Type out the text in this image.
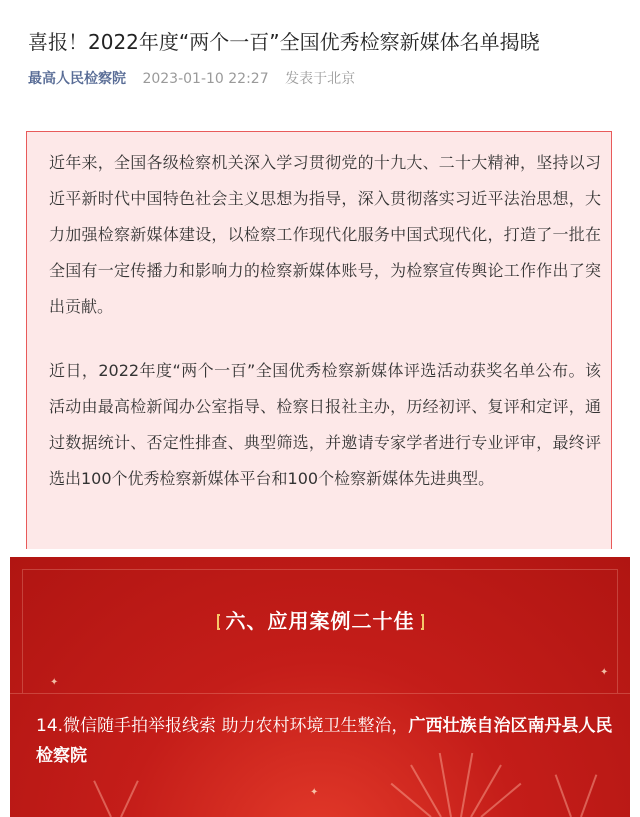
喜报！2022年度“两个一百”全国优秀检察新媒体名单揭晓
最高人民检察院 2023-01-10 22:27 发表于北京

近年来，全国各级检察机关深入学习贯彻党的十九大、二十大精神，坚持以习近平新时代中国特色社会主义思想为指导，深入贯彻落实习近平法治思想，大力加强检察新媒体建设，以检察工作现代化服务中国式现代化，打造了一批在全国有一定传播力和影响力的检察新媒体账号，为检察宣传舆论工作作出了突出贡献。

近日，2022年度“两个一百”全国优秀检察新媒体评选活动获奖名单公布。该活动由最高检新闻办公室指导、检察日报社主办，历经初评、复评和定评，通过数据统计、否定性排查、典型筛选，并邀请专家学者进行专业评审，最终评选出100个优秀检察新媒体平台和100个检察新媒体先进典型。

六、应用案例二十佳
14.微信随手拍举报线索 助力农村环境卫生整治，广西壮族自治区南丹县人民检察院
✦
✦
✦
